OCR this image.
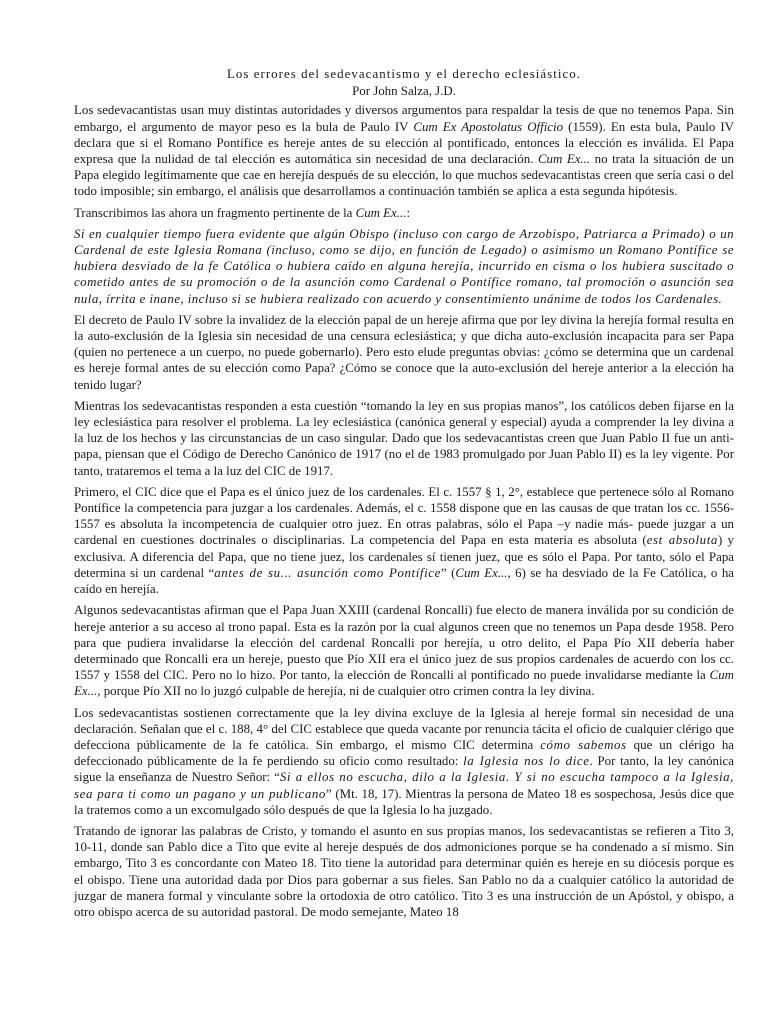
Los errores del sedevacantismo y el derecho eclesiástico.
Por John Salza, J.D.

Los sedevacantistas usan muy distintas autoridades y diversos argumentos para respaldar la tesis de que no tenemos Papa. Sin embargo, el argumento de mayor peso es la bula de Paulo IV Cum Ex Apostolatus Officio (1559). En esta bula, Paulo IV declara que si el Romano Pontífice es hereje antes de su elección al pontificado, entonces la elección es inválida. El Papa expresa que la nulidad de tal elección es automática sin necesidad de una declaración. Cum Ex... no trata la situación de un Papa elegido legítimamente que cae en herejía después de su elección, lo que muchos sedevacantistas creen que sería casi o del todo imposible; sin embargo, el análisis que desarrollamos a continuación también se aplica a esta segunda hipótesis.

Transcribimos las ahora un fragmento pertinente de la Cum Ex...:

Si en cualquier tiempo fuera evidente que algún Obispo (incluso con cargo de Arzobispo, Patriarca a Primado) o un Cardenal de este Iglesia Romana (incluso, como se dijo, en función de Legado) o asimismo un Romano Pontífice se hubiera desviado de la fe Católica o hubiera caído en alguna herejía, incurrido en cisma o los hubiera suscitado o cometido antes de su promoción o de la asunción como Cardenal o Pontífice romano, tal promoción o asunción sea nula, írrita e inane, incluso si se hubiera realizado con acuerdo y consentimiento unánime de todos los Cardenales.

El decreto de Paulo IV sobre la invalidez de la elección papal de un hereje afirma que por ley divina la herejía formal resulta en la auto-exclusión de la Iglesia sin necesidad de una censura eclesiástica; y que dicha auto-exclusión incapacita para ser Papa (quien no pertenece a un cuerpo, no puede gobernarlo). Pero esto elude preguntas obvias: ¿cómo se determina que un cardenal es hereje formal antes de su elección como Papa? ¿Cómo se conoce que la auto-exclusión del hereje anterior a la elección ha tenido lugar?

Mientras los sedevacantistas responden a esta cuestión “tomando la ley en sus propias manos”, los católicos deben fijarse en la ley eclesiástica para resolver el problema. La ley eclesiástica (canónica general y especial) ayuda a comprender la ley divina a la luz de los hechos y las circunstancias de un caso singular. Dado que los sedevacantistas creen que Juan Pablo II fue un anti-papa, piensan que el Código de Derecho Canónico de 1917 (no el de 1983 promulgado por Juan Pablo II) es la ley vigente. Por tanto, trataremos el tema a la luz del CIC de 1917.

Primero, el CIC dice que el Papa es el único juez de los cardenales. El c. 1557 § 1, 2°, establece que pertenece sólo al Romano Pontífice la competencia para juzgar a los cardenales. Además, el c. 1558 dispone que en las causas de que tratan los cc. 1556-1557 es absoluta la incompetencia de cualquier otro juez. En otras palabras, sólo el Papa –y nadie más- puede juzgar a un cardenal en cuestiones doctrinales o disciplinarias. La competencia del Papa en esta materia es absoluta (est absoluta) y exclusiva. A diferencia del Papa, que no tiene juez, los cardenales sí tienen juez, que es sólo el Papa. Por tanto, sólo el Papa determina si un cardenal “antes de su... asunción como Pontífice” (Cum Ex..., 6) se ha desviado de la Fe Católica, o ha caído en herejía.

Algunos sedevacantistas afirman que el Papa Juan XXIII (cardenal Roncalli) fue electo de manera inválida por su condición de hereje anterior a su acceso al trono papal. Esta es la razón por la cual algunos creen que no tenemos un Papa desde 1958. Pero para que pudiera invalidarse la elección del cardenal Roncalli por herejía, u otro delito, el Papa Pío XII debería haber determinado que Roncalli era un hereje, puesto que Pío XII era el único juez de sus propios cardenales de acuerdo con los cc. 1557 y 1558 del CIC. Pero no lo hizo. Por tanto, la elección de Roncalli al pontificado no puede invalidarse mediante la Cum Ex..., porque Pío XII no lo juzgó culpable de herejía, ni de cualquier otro crimen contra la ley divina.

Los sedevacantistas sostienen correctamente que la ley divina excluye de la Iglesia al hereje formal sin necesidad de una declaración. Señalan que el c. 188, 4° del CIC establece que queda vacante por renuncia tácita el oficio de cualquier clérigo que defecciona públicamente de la fe católica. Sin embargo, el mismo CIC determina cómo sabemos que un clérigo ha defeccionado públicamente de la fe perdiendo su oficio como resultado: la Iglesia nos lo dice. Por tanto, la ley canónica sigue la enseñanza de Nuestro Señor: “Si a ellos no escucha, dilo a la Iglesia. Y si no escucha tampoco a la Iglesia, sea para ti como un pagano y un publicano” (Mt. 18, 17). Mientras la persona de Mateo 18 es sospechosa, Jesús dice que la tratemos como a un excomulgado sólo después de que la Iglesia lo ha juzgado.

Tratando de ignorar las palabras de Cristo, y tomando el asunto en sus propias manos, los sedevacantistas se refieren a Tito 3, 10-11, donde san Pablo dice a Tito que evite al hereje después de dos admoniciones porque se ha condenado a sí mismo. Sin embargo, Tito 3 es concordante con Mateo 18. Tito tiene la autoridad para determinar quién es hereje en su diócesis porque es el obispo. Tiene una autoridad dada por Dios para gobernar a sus fieles. San Pablo no da a cualquier católico la autoridad de juzgar de manera formal y vinculante sobre la ortodoxia de otro católico. Tito 3 es una instrucción de un Apóstol, y obispo, a otro obispo acerca de su autoridad pastoral. De modo semejante, Mateo 18
